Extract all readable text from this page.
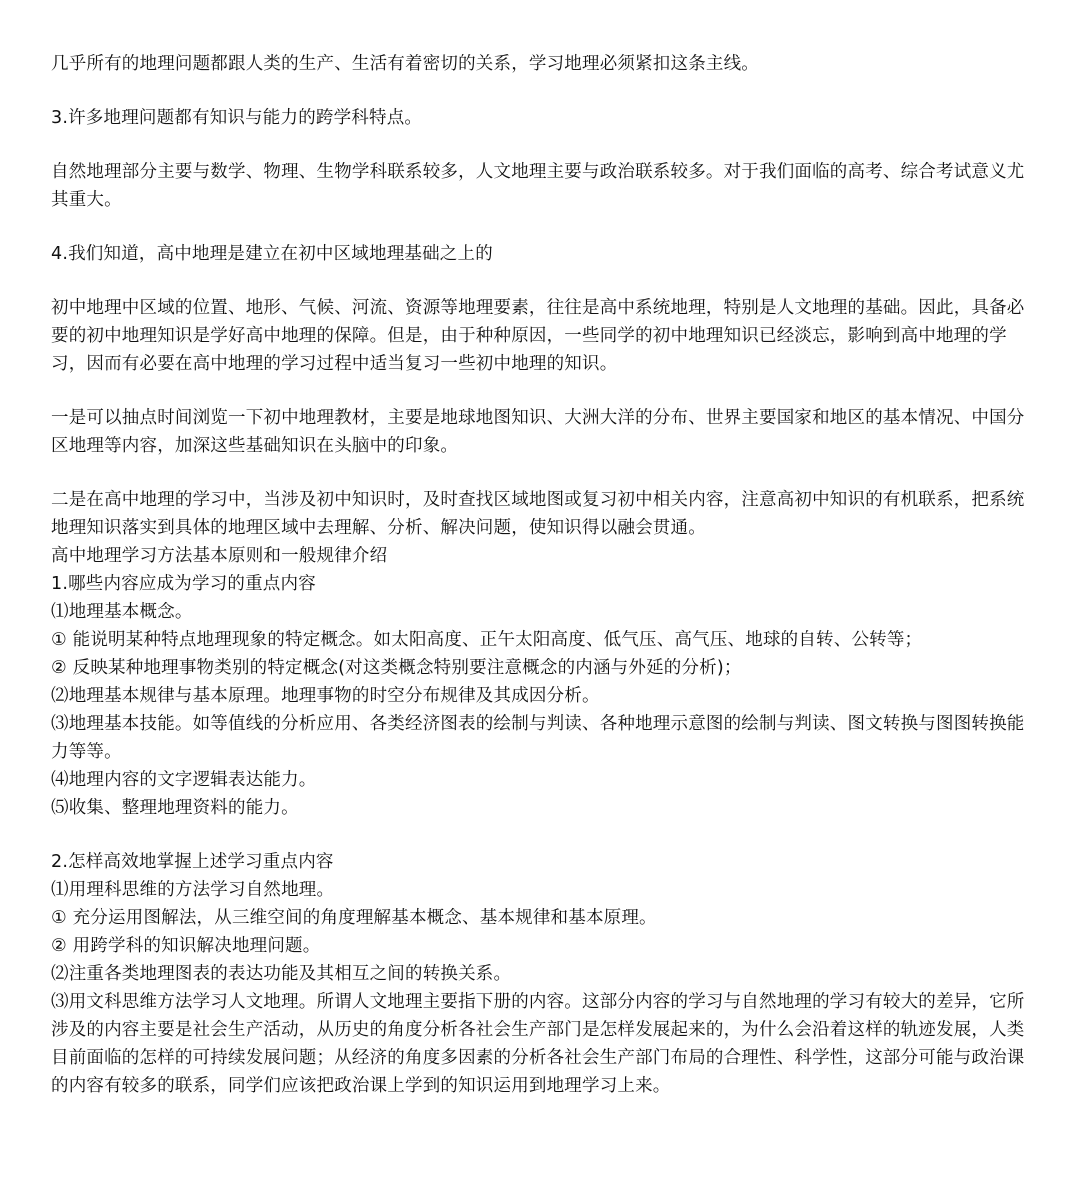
几乎所有的地理问题都跟人类的生产、生活有着密切的关系，学习地理必须紧扣这条主线。

3.许多地理问题都有知识与能力的跨学科特点。

自然地理部分主要与数学、物理、生物学科联系较多，人文地理主要与政治联系较多。对于我们面临的高考、综合考试意义尤其重大。

4.我们知道，高中地理是建立在初中区域地理基础之上的

初中地理中区域的位置、地形、气候、河流、资源等地理要素，往往是高中系统地理，特别是人文地理的基础。因此，具备必要的初中地理知识是学好高中地理的保障。但是，由于种种原因，一些同学的初中地理知识已经淡忘，影响到高中地理的学习，因而有必要在高中地理的学习过程中适当复习一些初中地理的知识。

一是可以抽点时间浏览一下初中地理教材，主要是地球地图知识、大洲大洋的分布、世界主要国家和地区的基本情况、中国分区地理等内容，加深这些基础知识在头脑中的印象。

二是在高中地理的学习中，当涉及初中知识时，及时查找区域地图或复习初中相关内容，注意高初中知识的有机联系，把系统地理知识落实到具体的地理区域中去理解、分析、解决问题，使知识得以融会贯通。

高中地理学习方法基本原则和一般规律介绍

1.哪些内容应成为学习的重点内容

⑴地理基本概念。

① 能说明某种特点地理现象的特定概念。如太阳高度、正午太阳高度、低气压、高气压、地球的自转、公转等；

② 反映某种地理事物类别的特定概念(对这类概念特别要注意概念的内涵与外延的分析)；

⑵地理基本规律与基本原理。地理事物的时空分布规律及其成因分析。

⑶地理基本技能。如等值线的分析应用、各类经济图表的绘制与判读、各种地理示意图的绘制与判读、图文转换与图图转换能力等等。

⑷地理内容的文字逻辑表达能力。

⑸收集、整理地理资料的能力。

2.怎样高效地掌握上述学习重点内容

⑴用理科思维的方法学习自然地理。

① 充分运用图解法，从三维空间的角度理解基本概念、基本规律和基本原理。

② 用跨学科的知识解决地理问题。

⑵注重各类地理图表的表达功能及其相互之间的转换关系。

⑶用文科思维方法学习人文地理。所谓人文地理主要指下册的内容。这部分内容的学习与自然地理的学习有较大的差异，它所涉及的内容主要是社会生产活动，从历史的角度分析各社会生产部门是怎样发展起来的，为什么会沿着这样的轨迹发展，人类目前面临的怎样的可持续发展问题；从经济的角度多因素的分析各社会生产部门布局的合理性、科学性，这部分可能与政治课的内容有较多的联系，同学们应该把政治课上学到的知识运用到地理学习上来。
